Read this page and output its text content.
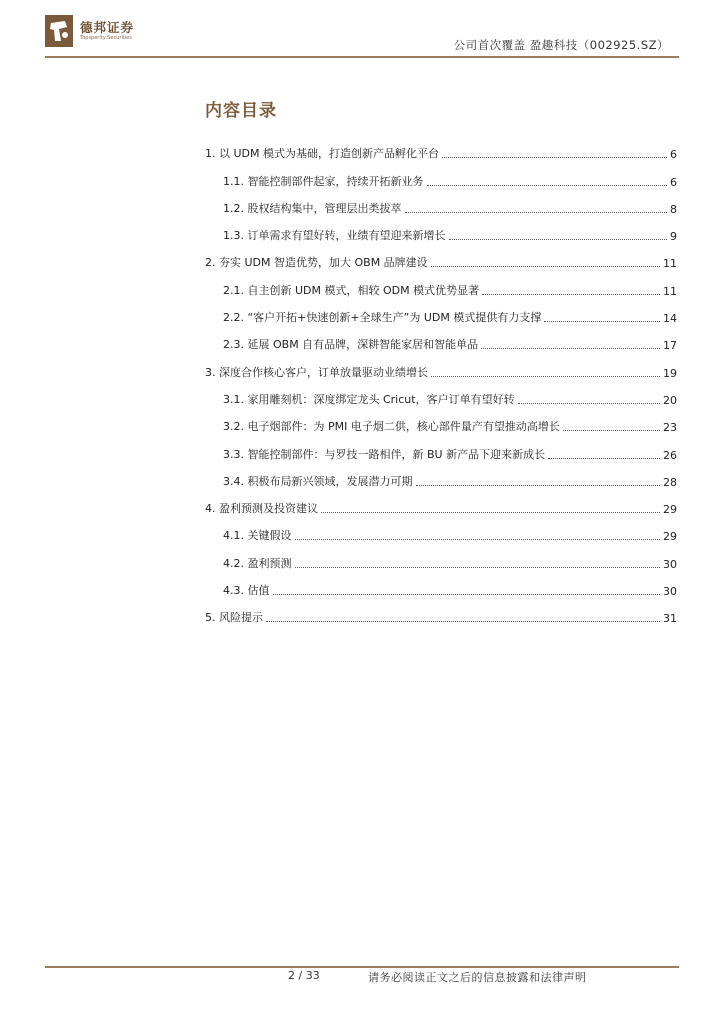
德邦证券
Topsperity Securities	公司首次覆盖 盈趣科技（002925.SZ）
内容目录
1. 以 UDM 模式为基础，打造创新产品孵化平台	6
1.1. 智能控制部件起家，持续开拓新业务	6
1.2. 股权结构集中，管理层出类拔萃	8
1.3. 订单需求有望好转，业绩有望迎来新增长	9
2. 夯实 UDM 智造优势，加大 OBM 品牌建设	11
2.1. 自主创新 UDM 模式，相较 ODM 模式优势显著	11
2.2. “客户开拓+快速创新+全球生产”为 UDM 模式提供有力支撑	14
2.3. 延展 OBM 自有品牌，深耕智能家居和智能单品	17
3. 深度合作核心客户，订单放量驱动业绩增长	19
3.1. 家用雕刻机：深度绑定龙头 Cricut，客户订单有望好转	20
3.2. 电子烟部件：为 PMI 电子烟二供，核心部件量产有望推动高增长	23
3.3. 智能控制部件：与罗技一路相伴，新 BU 新产品下迎来新成长	26
3.4. 积极布局新兴领域，发展潜力可期	28
4. 盈利预测及投资建议	29
4.1. 关键假设	29
4.2. 盈利预测	30
4.3. 估值	30
5. 风险提示	31
2 / 33	请务必阅读正文之后的信息披露和法律声明
